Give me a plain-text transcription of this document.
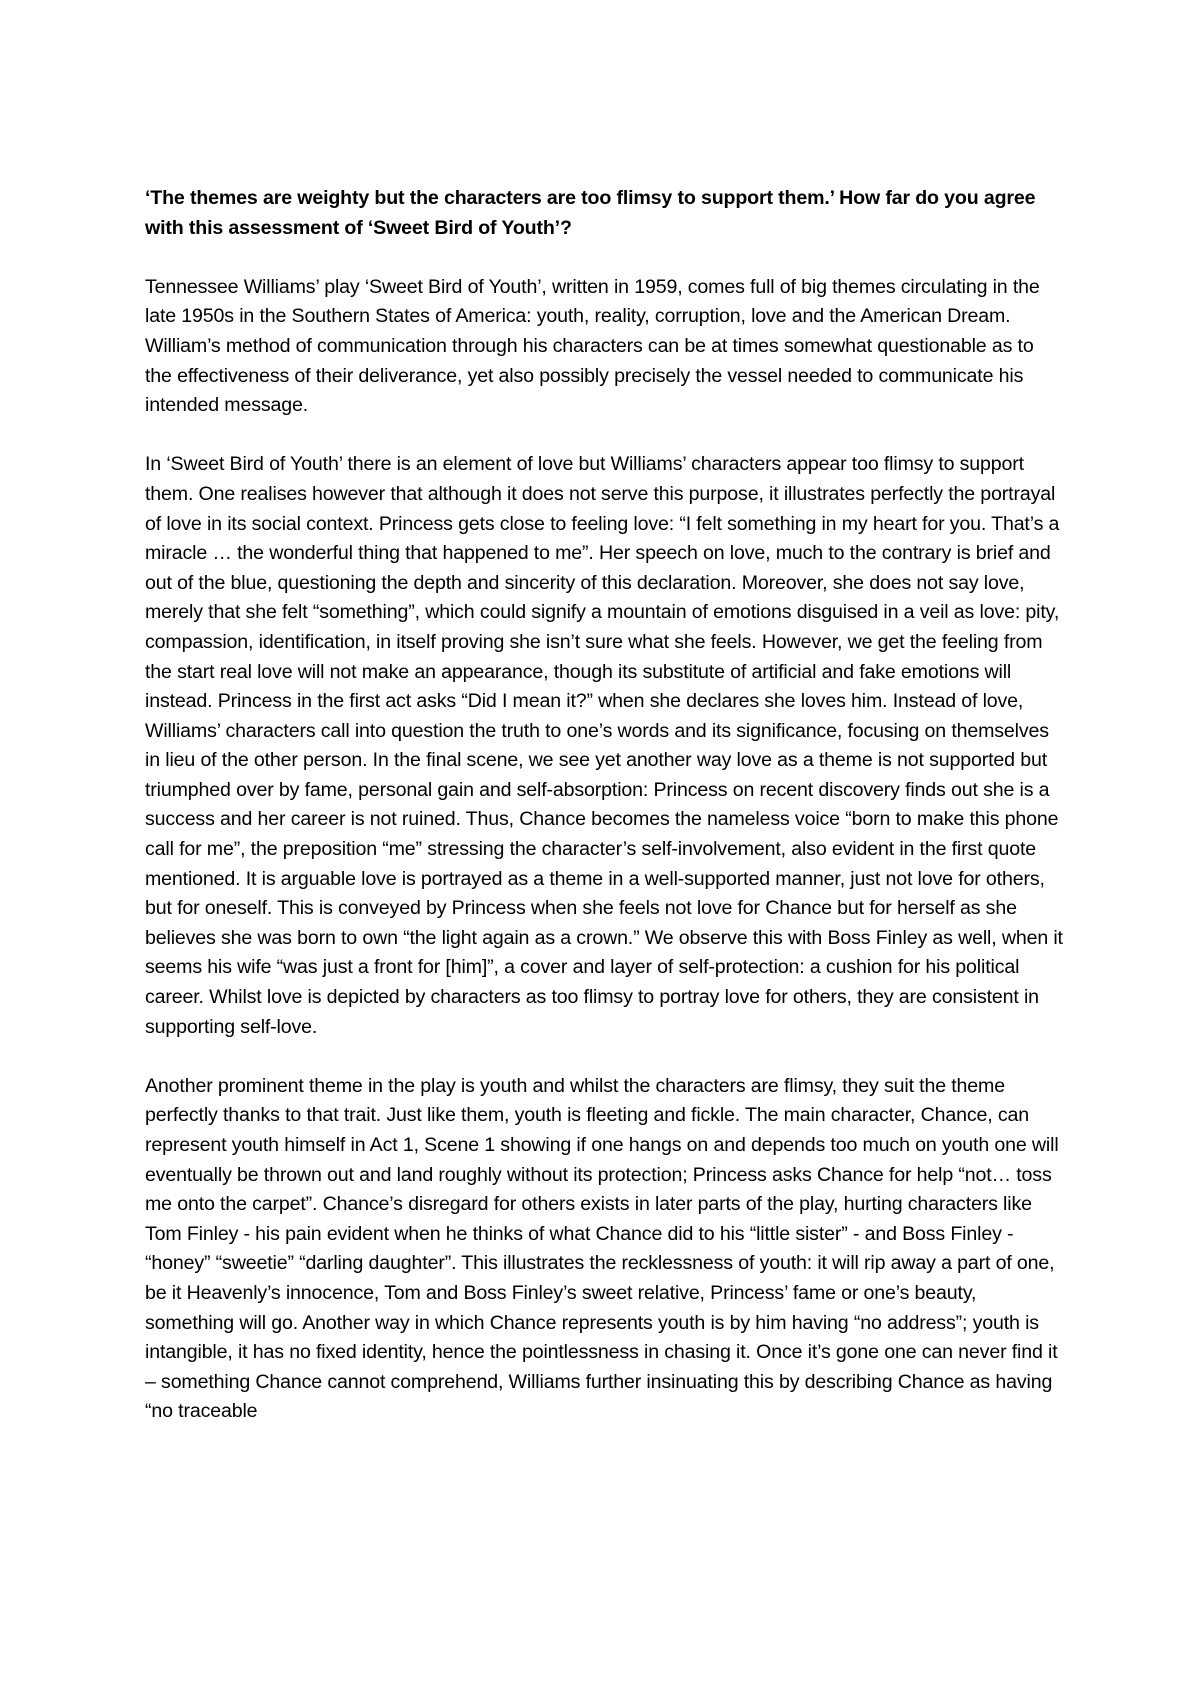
‘The themes are weighty but the characters are too flimsy to support them.’ How far do you agree with this assessment of ‘Sweet Bird of Youth’?

Tennessee Williams’ play ‘Sweet Bird of Youth’, written in 1959, comes full of big themes circulating in the late 1950s in the Southern States of America: youth, reality, corruption, love and the American Dream. William’s method of communication through his characters can be at times somewhat questionable as to the effectiveness of their deliverance, yet also possibly precisely the vessel needed to communicate his intended message.

In ‘Sweet Bird of Youth’ there is an element of love but Williams’ characters appear too flimsy to support them. One realises however that although it does not serve this purpose, it illustrates perfectly the portrayal of love in its social context. Princess gets close to feeling love: “I felt something in my heart for you. That’s a miracle … the wonderful thing that happened to me”. Her speech on love, much to the contrary is brief and out of the blue, questioning the depth and sincerity of this declaration. Moreover, she does not say love, merely that she felt “something”, which could signify a mountain of emotions disguised in a veil as love: pity, compassion, identification, in itself proving she isn’t sure what she feels. However, we get the feeling from the start real love will not make an appearance, though its substitute of artificial and fake emotions will instead. Princess in the first act asks “Did I mean it?” when she declares she loves him. Instead of love, Williams’ characters call into question the truth to one’s words and its significance, focusing on themselves in lieu of the other person. In the final scene, we see yet another way love as a theme is not supported but triumphed over by fame, personal gain and self-absorption: Princess on recent discovery finds out she is a success and her career is not ruined. Thus, Chance becomes the nameless voice “born to make this phone call for me”, the preposition “me” stressing the character’s self-involvement, also evident in the first quote mentioned. It is arguable love is portrayed as a theme in a well-supported manner, just not love for others, but for oneself. This is conveyed by Princess when she feels not love for Chance but for herself as she believes she was born to own “the light again as a crown.” We observe this with Boss Finley as well, when it seems his wife “was just a front for [him]”, a cover and layer of self-protection: a cushion for his political career. Whilst love is depicted by characters as too flimsy to portray love for others, they are consistent in supporting self-love.

Another prominent theme in the play is youth and whilst the characters are flimsy, they suit the theme perfectly thanks to that trait. Just like them, youth is fleeting and fickle. The main character, Chance, can represent youth himself in Act 1, Scene 1 showing if one hangs on and depends too much on youth one will eventually be thrown out and land roughly without its protection; Princess asks Chance for help “not… toss me onto the carpet”. Chance’s disregard for others exists in later parts of the play, hurting characters like Tom Finley - his pain evident when he thinks of what Chance did to his “little sister” - and Boss Finley - “honey” “sweetie” “darling daughter”. This illustrates the recklessness of youth: it will rip away a part of one, be it Heavenly’s innocence, Tom and Boss Finley’s sweet relative, Princess’ fame or one’s beauty, something will go. Another way in which Chance represents youth is by him having “no address”; youth is intangible, it has no fixed identity, hence the pointlessness in chasing it. Once it’s gone one can never find it – something Chance cannot comprehend, Williams further insinuating this by describing Chance as having “no traceable
